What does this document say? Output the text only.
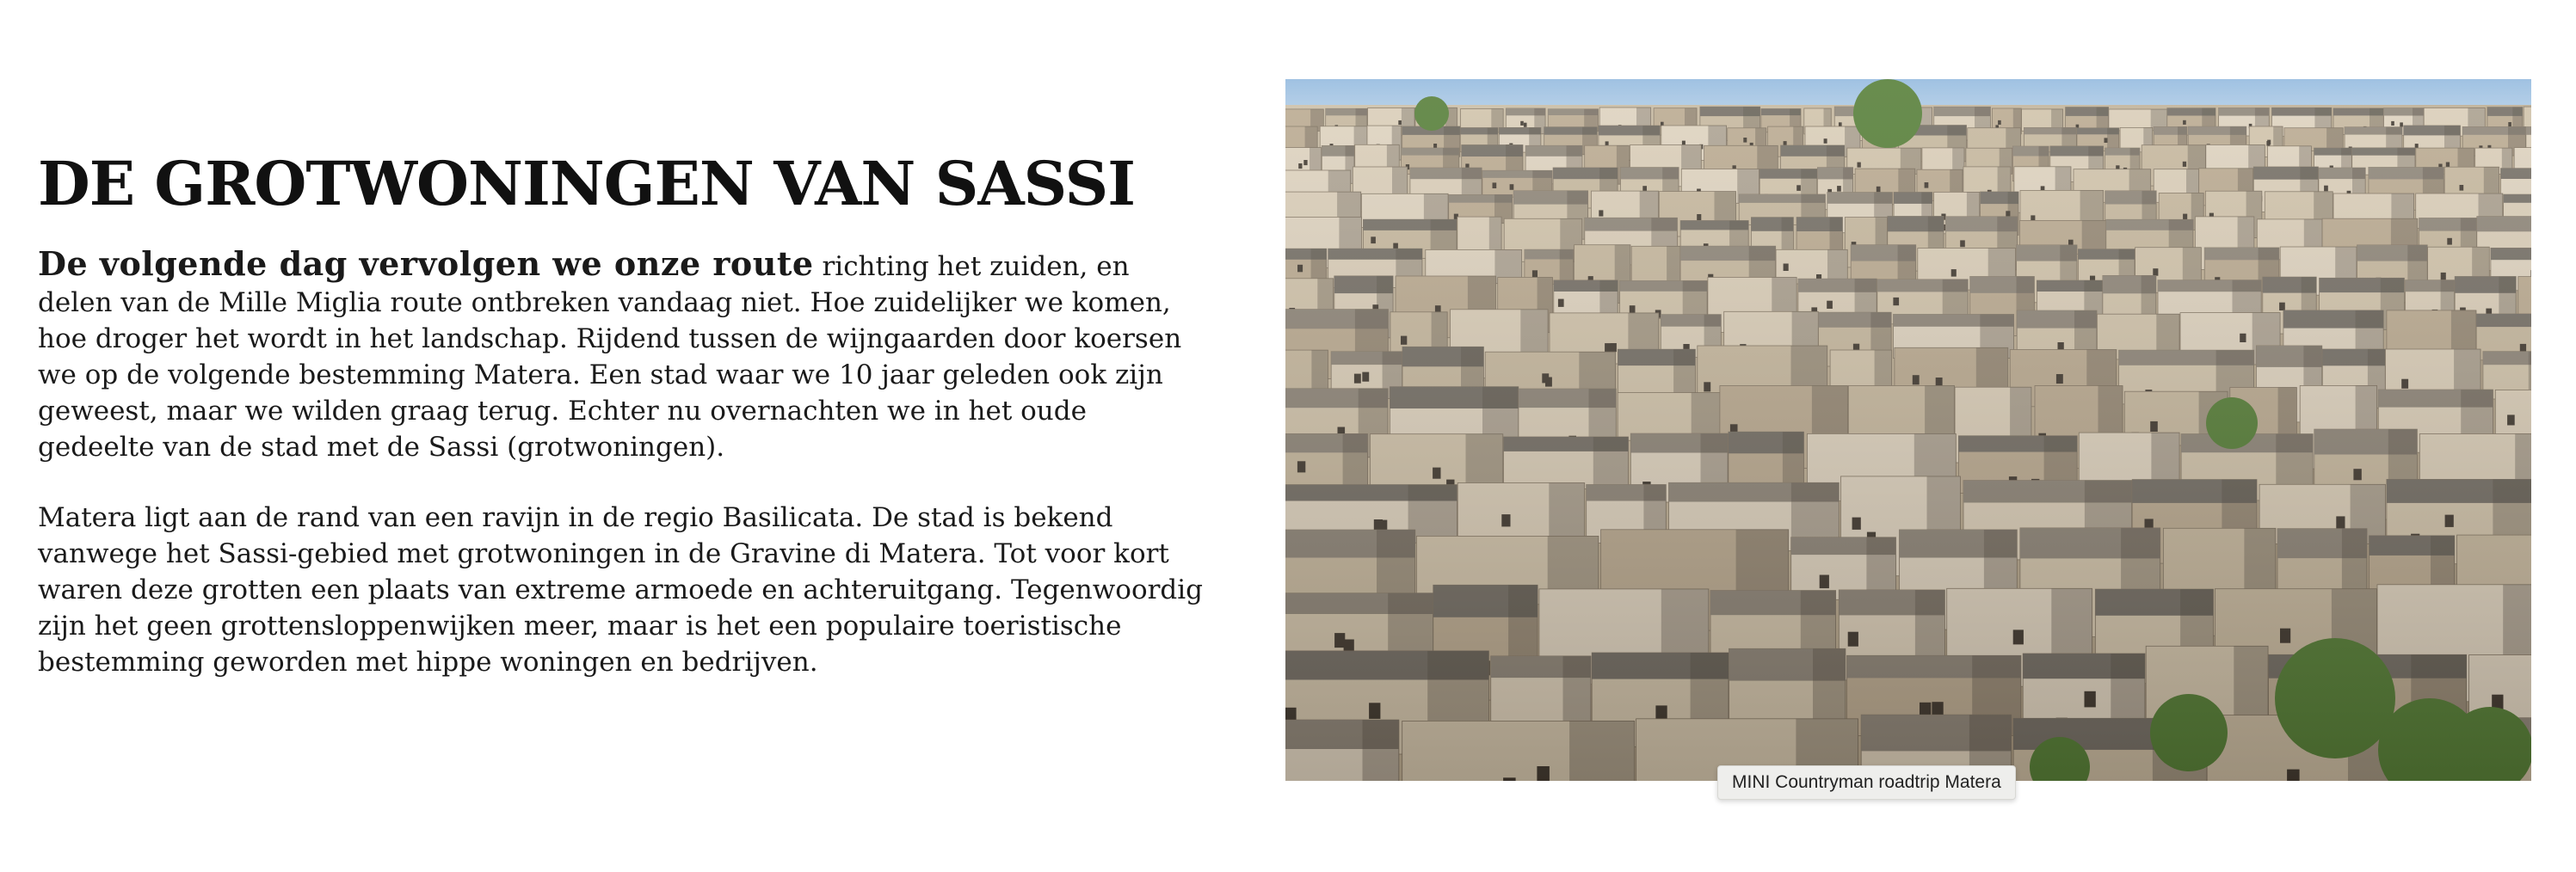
DE GROTWONINGEN VAN SASSI

De volgende dag vervolgen we onze route richting het zuiden, en delen van de Mille Miglia route ontbreken vandaag niet. Hoe zuidelijker we komen, hoe droger het wordt in het landschap. Rijdend tussen de wijngaarden door koersen we op de volgende bestemming Matera. Een stad waar we 10 jaar geleden ook zijn geweest, maar we wilden graag terug. Echter nu overnachten we in het oude gedeelte van de stad met de Sassi (grotwoningen).

Matera ligt aan de rand van een ravijn in de regio Basilicata. De stad is bekend vanwege het Sassi-gebied met grotwoningen in de Gravine di Matera. Tot voor kort waren deze grotten een plaats van extreme armoede en achteruitgang. Tegenwoordig zijn het geen grottensloppenwijken meer, maar is het een populaire toeristische bestemming geworden met hippe woningen en bedrijven.

MINI Countryman roadtrip Matera
